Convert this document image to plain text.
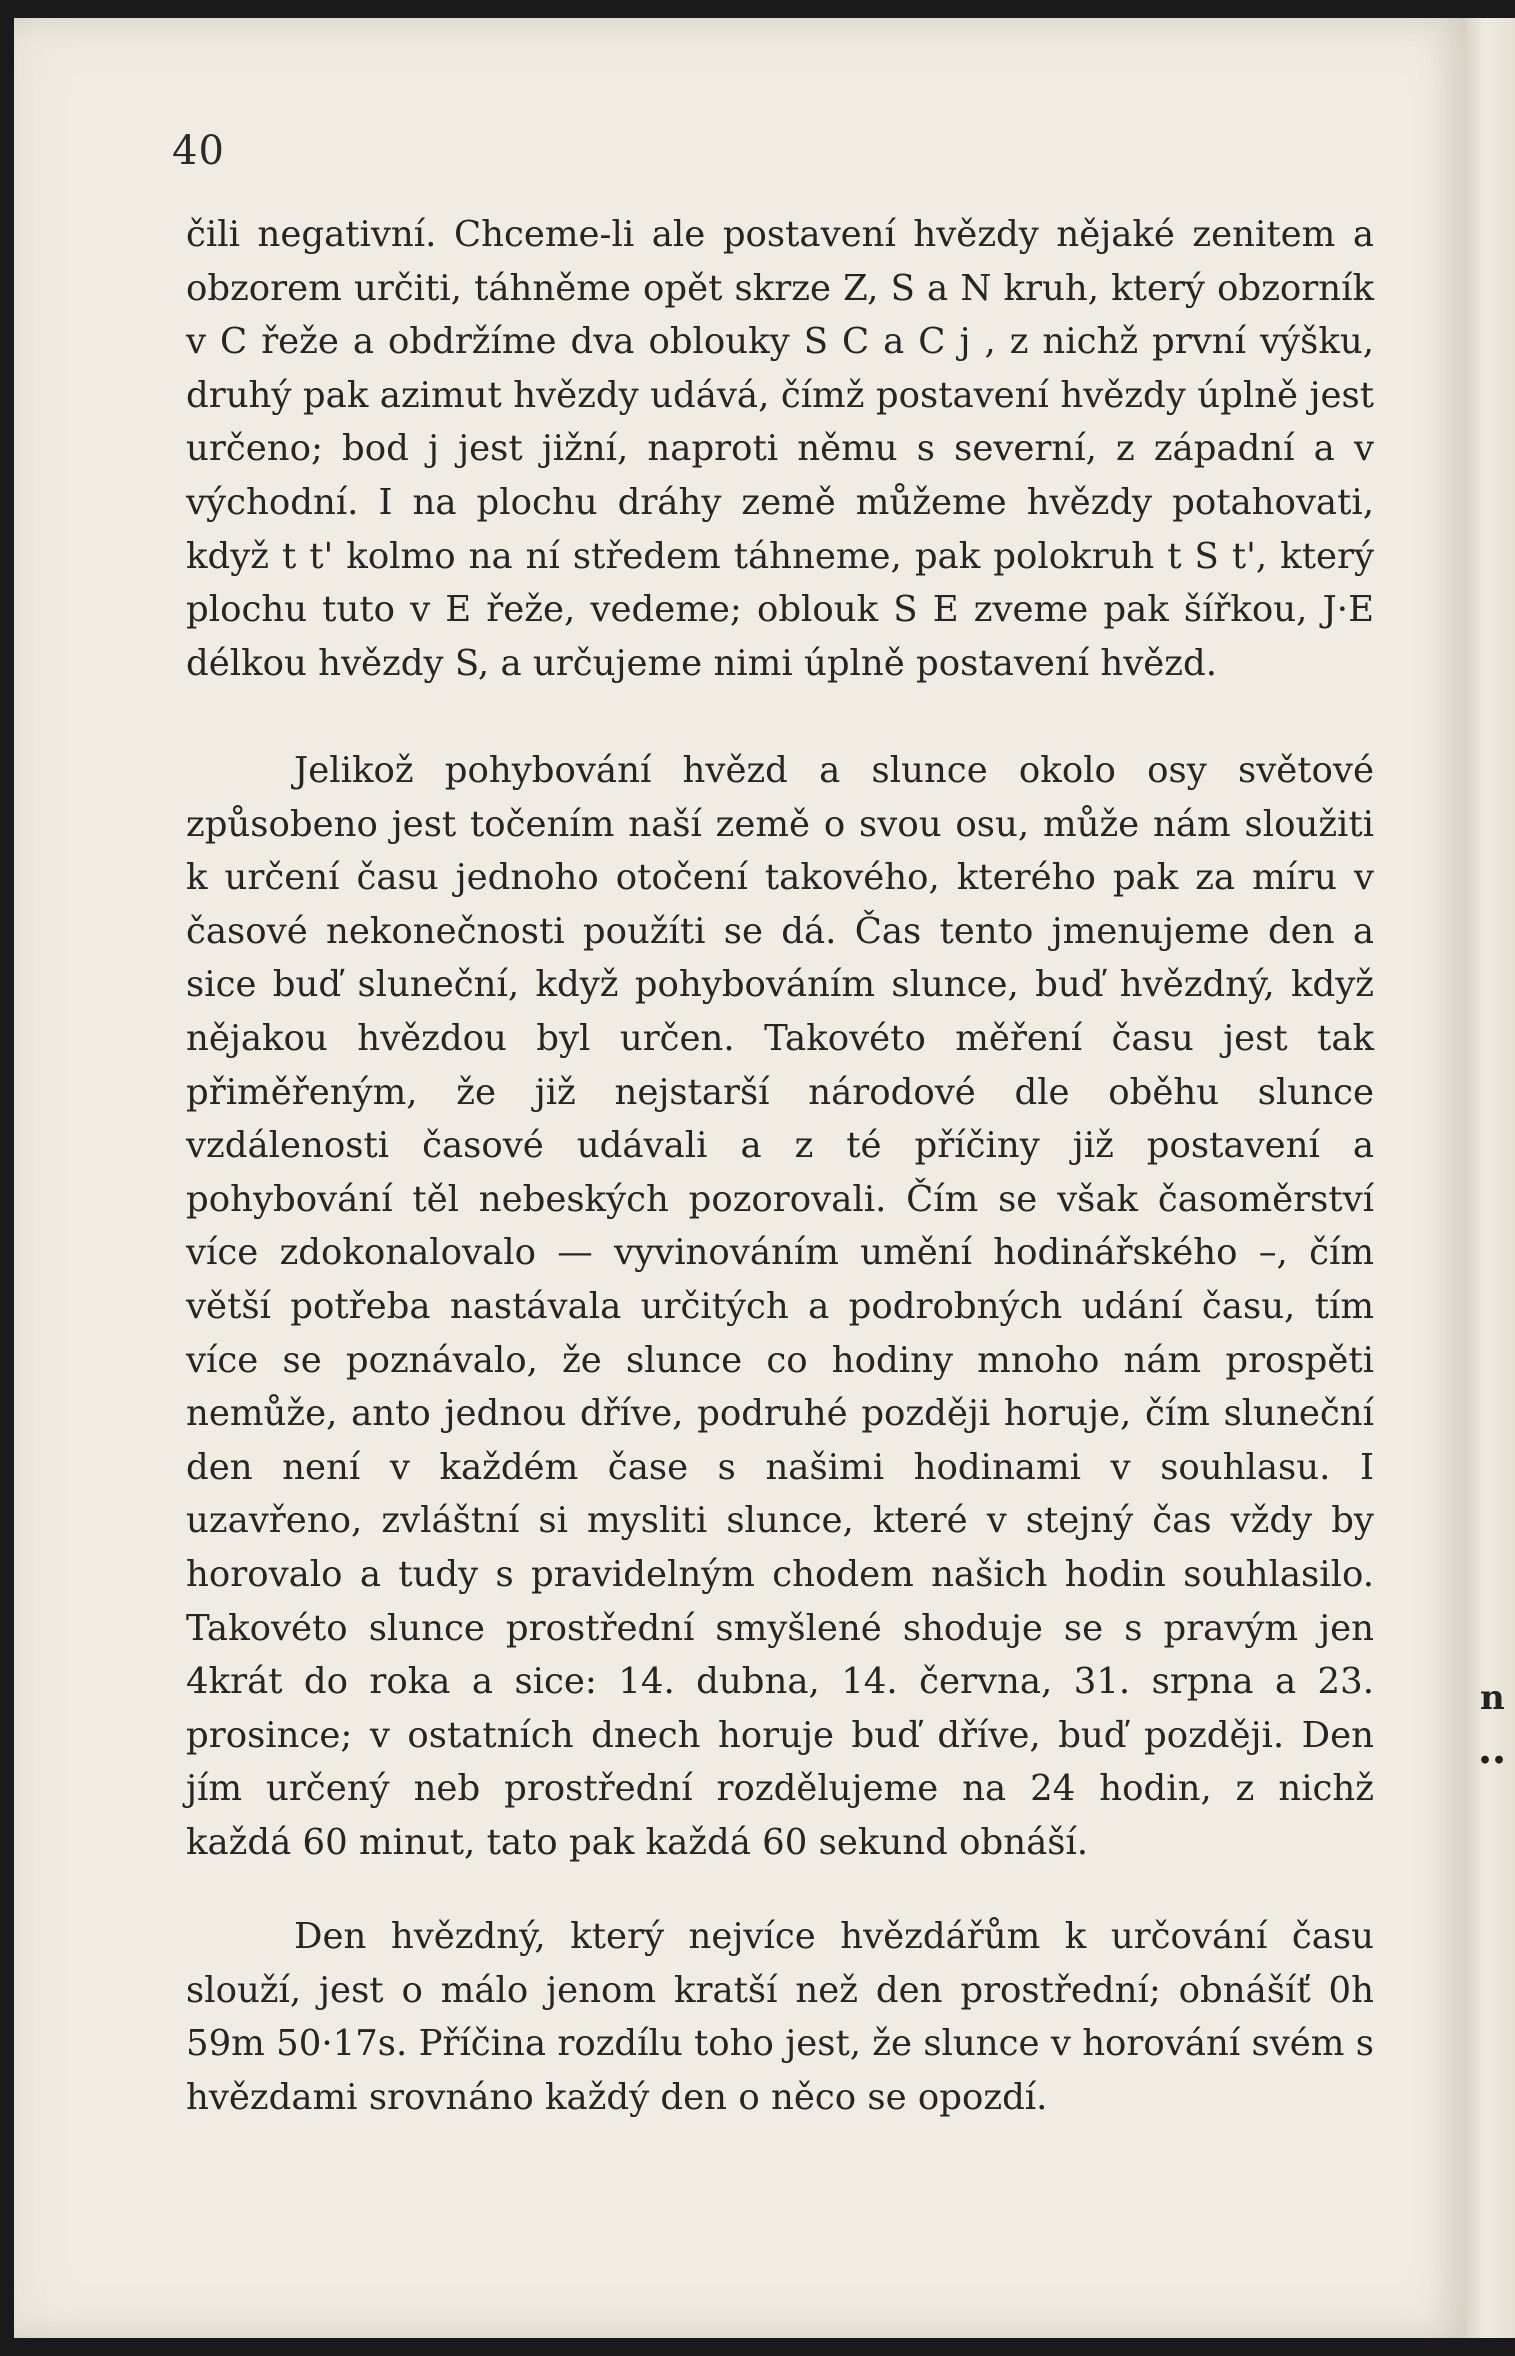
n
••
40

čili negativní. Chceme-li ale postavení hvězdy nějaké zenitem a obzorem určiti, táhněme opět skrze Z, S a N kruh, který obzorník v C řeže a obdržíme dva oblouky S C a C j , z nichž první výšku, druhý pak azimut hvězdy udává, čímž postavení hvězdy úplně jest určeno; bod j jest jižní, naproti němu s severní, z západní a v východní. I na plochu dráhy země můžeme hvězdy potahovati, když t t' kolmo na ní středem táhneme, pak polokruh t S t', který plochu tuto v E řeže, vedeme; oblouk S E zveme pak šířkou, J·E délkou hvězdy S, a určujeme nimi úplně postavení hvězd.

Jelikož pohybování hvězd a slunce okolo osy světové způsobeno jest točením naší země o svou osu, může nám sloužiti k určení času jednoho otočení takového, kterého pak za míru v časové nekonečnosti použíti se dá. Čas tento jmenujeme den a sice buď sluneční, když pohybováním slunce, buď hvězdný, když nějakou hvězdou byl určen. Takovéto měření času jest tak přiměřeným, že již nejstarší národové dle oběhu slunce vzdálenosti časové udávali a z té příčiny již postavení a pohybování těl nebeských pozorovali. Čím se však časoměrství více zdokonalovalo — vyvinováním umění hodinářského –, čím větší potřeba nastávala určitých a podrobných udání času, tím více se poznávalo, že slunce co hodiny mnoho nám prospěti nemůže, anto jednou dříve, podruhé později horuje, čím sluneční den není v každém čase s našimi hodinami v souhlasu. I uzavřeno, zvláštní si mysliti slunce, které v stejný čas vždy by horovalo a tudy s pravidelným chodem našich hodin souhlasilo. Takovéto slunce prostřední smyšlené shoduje se s pravým jen 4krát do roka a sice: 14. dubna, 14. června, 31. srpna a 23. prosince; v ostatních dnech horuje buď dříve, buď později. Den jím určený neb prostřední rozdělujeme na 24 hodin, z nichž každá 60 minut, tato pak každá 60 sekund obnáší.

Den hvězdný, který nejvíce hvězdářům k určování času slouží, jest o málo jenom kratší než den prostřední; obnášíť 0h 59m 50·17s. Příčina rozdílu toho jest, že slunce v horování svém s hvězdami srovnáno každý den o něco se opozdí.
